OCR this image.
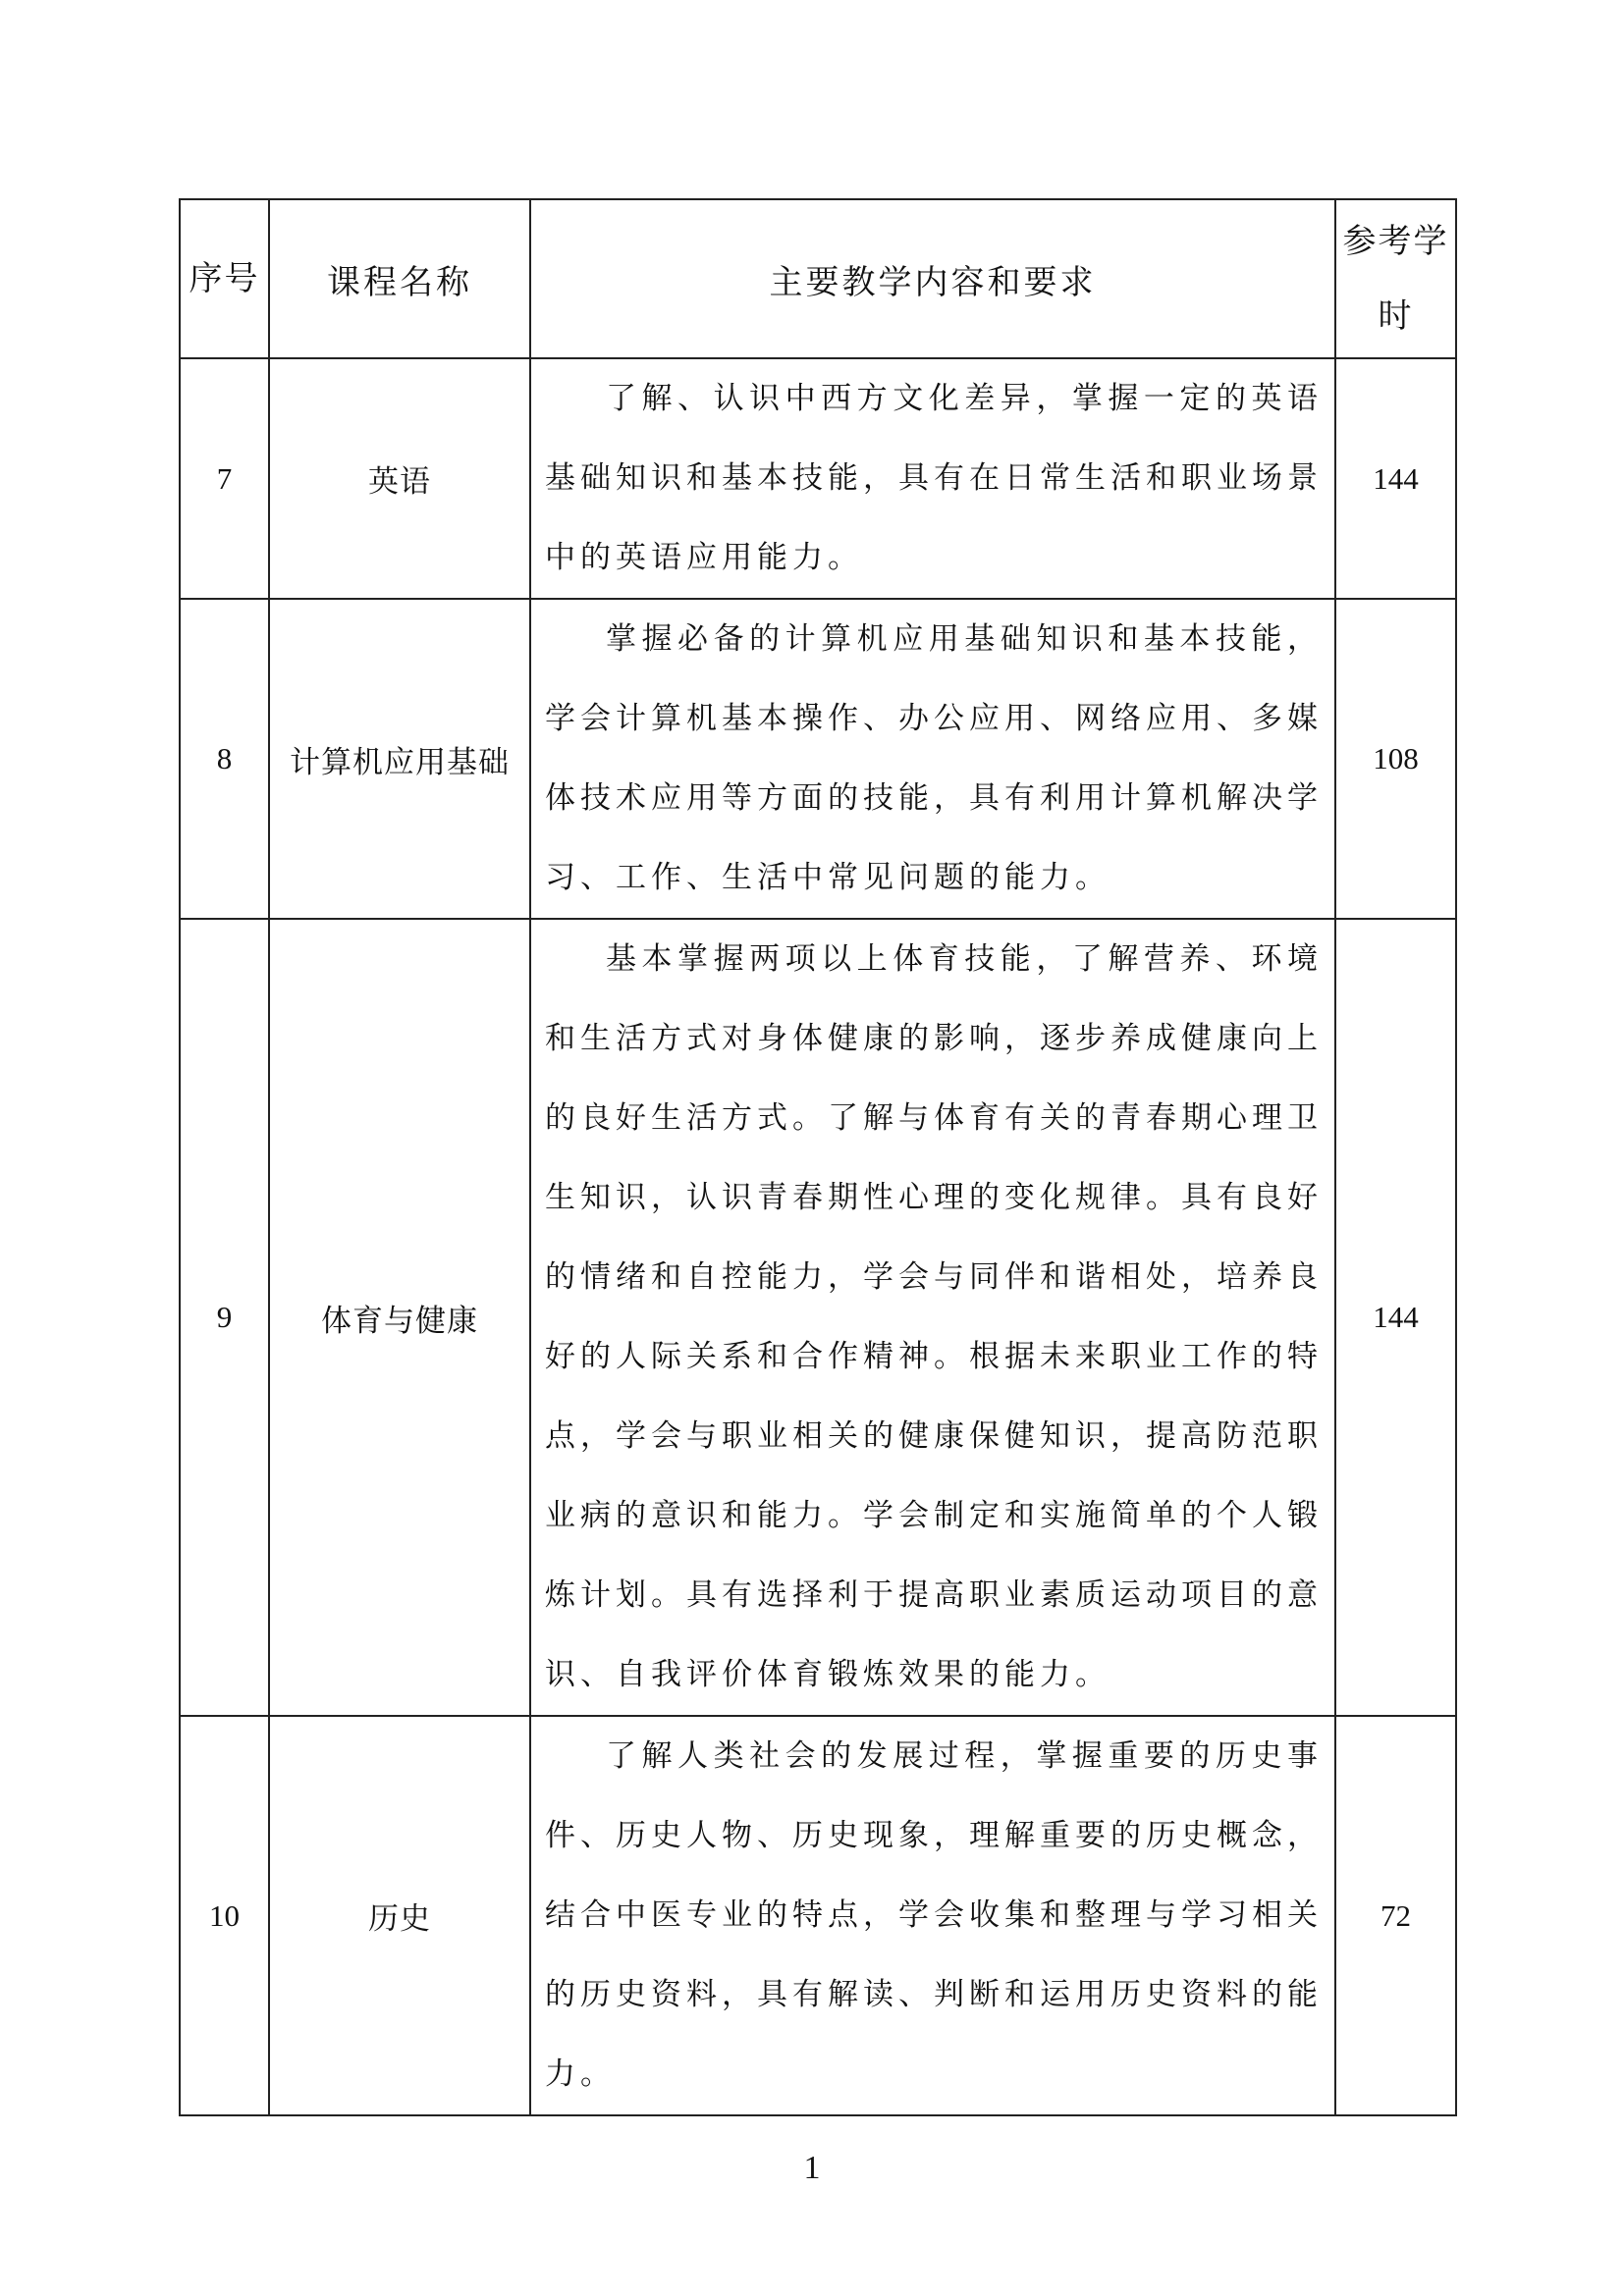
序号	课程名称	主要教学内容和要求	参考学时
7	英语	了解、认识中西方文化差异，掌握一定的英语基础知识和基本技能，具有在日常生活和职业场景中的英语应用能力。	144
8	计算机应用基础	掌握必备的计算机应用基础知识和基本技能，学会计算机基本操作、办公应用、网络应用、多媒体技术应用等方面的技能，具有利用计算机解决学习、工作、生活中常见问题的能力。	108
9	体育与健康	基本掌握两项以上体育技能，了解营养、环境和生活方式对身体健康的影响，逐步养成健康向上的良好生活方式。了解与体育有关的青春期心理卫生知识，认识青春期性心理的变化规律。具有良好的情绪和自控能力，学会与同伴和谐相处，培养良好的人际关系和合作精神。根据未来职业工作的特点，学会与职业相关的健康保健知识，提高防范职业病的意识和能力。学会制定和实施简单的个人锻炼计划。具有选择利于提高职业素质运动项目的意识、自我评价体育锻炼效果的能力。	144
10	历史	了解人类社会的发展过程，掌握重要的历史事件、历史人物、历史现象，理解重要的历史概念，结合中医专业的特点，学会收集和整理与学习相关的历史资料，具有解读、判断和运用历史资料的能力。	72
1
